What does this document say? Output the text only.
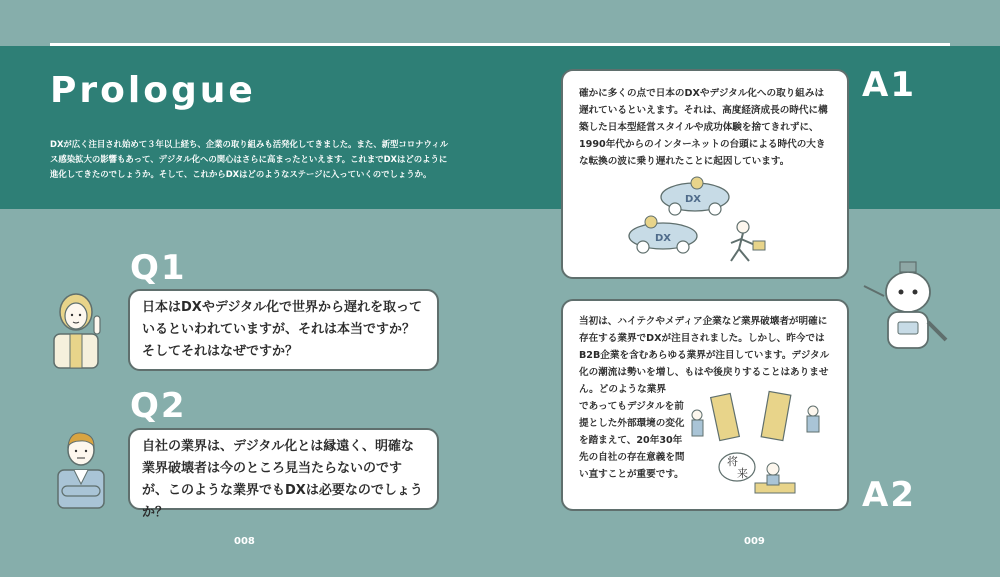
Prologue

DXが広く注目され始めて３年以上経ち、企業の取り組みも活発化してきました。また、新型コロナウィルス感染拡大の影響もあって、デジタル化への関心はさらに高まったといえます。これまでDXはどのように進化してきたのでしょうか。そして、これからDXはどのようなステージに入っていくのでしょうか。

Q1

日本はDXやデジタル化で世界から遅れを取っているといわれていますが、それは本当ですか？そしてそれはなぜですか？

Q2

自社の業界は、デジタル化とは縁遠く、明確な業界破壊者は今のところ見当たらないのですが、このような業界でもDXは必要なのでしょうか？

008
A1

確かに多くの点で日本のDXやデジタル化への取り組みは遅れているといえます。それは、高度経済成長の時代に構築した日本型経営スタイルや成功体験を捨てきれずに、1990年代からのインターネットの台頭による時代の大きな転換の波に乗り遅れたことに起因しています。

DX
DX

当初は、ハイテクやメディア企業など業界破壊者が明確に存在する業界でDXが注目されました。しかし、昨今ではB2B企業を含むあらゆる業界が注目しています。デジタル化の潮流は勢いを増し、もはや後戻りすることはありません。どのような業界

であってもデジタルを前提とした外部環境の変化を踏まえて、20年30年先の自社の存在意義を問い直すことが重要です。

将
来
A2
009
